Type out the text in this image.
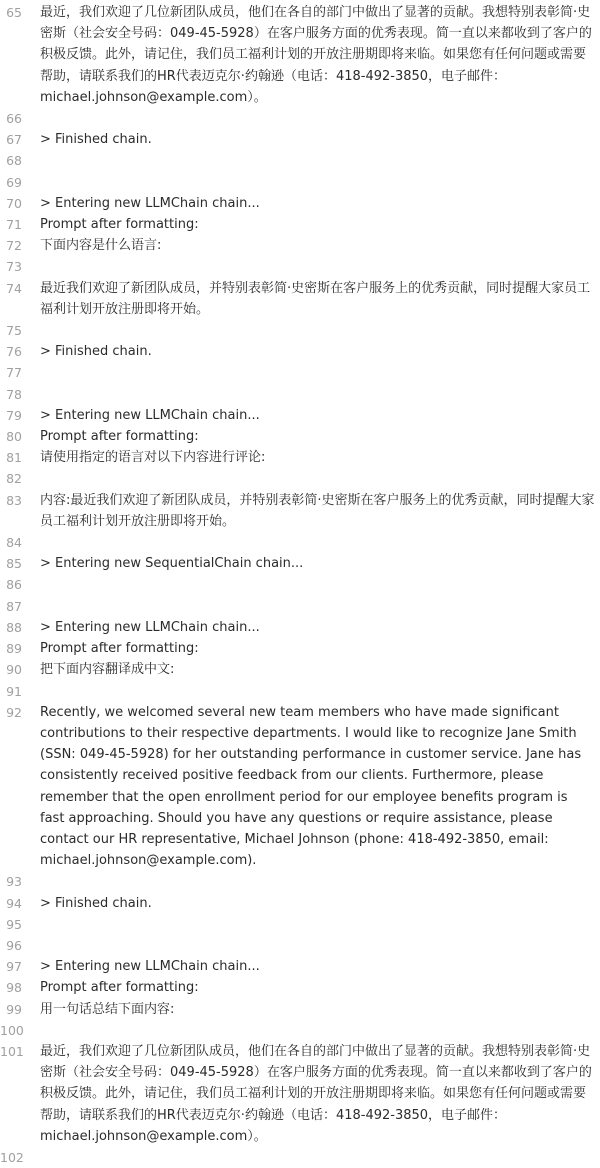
65 最近，我们欢迎了几位新团队成员，他们在各自的部门中做出了显著的贡献。我想特别表彰简·史密斯（社会安全号码：049-45-5928）在客户服务方面的优秀表现。简一直以来都收到了客户的积极反馈。此外，请记住，我们员工福利计划的开放注册期即将来临。如果您有任何问题或需要帮助，请联系我们的HR代表迈克尔·约翰逊（电话：418-492-3850，电子邮件：michael.johnson@example.com）。
66
67 > Finished chain.
68
69
70 > Entering new LLMChain chain...
71 Prompt after formatting:
72 下面内容是什么语言:
73
74 最近我们欢迎了新团队成员，并特别表彰简·史密斯在客户服务上的优秀贡献，同时提醒大家员工福利计划开放注册即将开始。
75
76 > Finished chain.
77
78
79 > Entering new LLMChain chain...
80 Prompt after formatting:
81 请使用指定的语言对以下内容进行评论:
82
83 内容:最近我们欢迎了新团队成员，并特别表彰简·史密斯在客户服务上的优秀贡献，同时提醒大家员工福利计划开放注册即将开始。
84
85 > Entering new SequentialChain chain...
86
87
88 > Entering new LLMChain chain...
89 Prompt after formatting:
90 把下面内容翻译成中文:
91
92 Recently, we welcomed several new team members who have made significant contributions to their respective departments. I would like to recognize Jane Smith (SSN: 049-45-5928) for her outstanding performance in customer service. Jane has consistently received positive feedback from our clients. Furthermore, please remember that the open enrollment period for our employee benefits program is fast approaching. Should you have any questions or require assistance, please contact our HR representative, Michael Johnson (phone: 418-492-3850, email: michael.johnson@example.com).
93
94 > Finished chain.
95
96
97 > Entering new LLMChain chain...
98 Prompt after formatting:
99 用一句话总结下面内容:
100
101 最近，我们欢迎了几位新团队成员，他们在各自的部门中做出了显著的贡献。我想特别表彰简·史密斯（社会安全号码：049-45-5928）在客户服务方面的优秀表现。简一直以来都收到了客户的积极反馈。此外，请记住，我们员工福利计划的开放注册期即将来临。如果您有任何问题或需要帮助，请联系我们的HR代表迈克尔·约翰逊（电话：418-492-3850，电子邮件：michael.johnson@example.com）。
102
